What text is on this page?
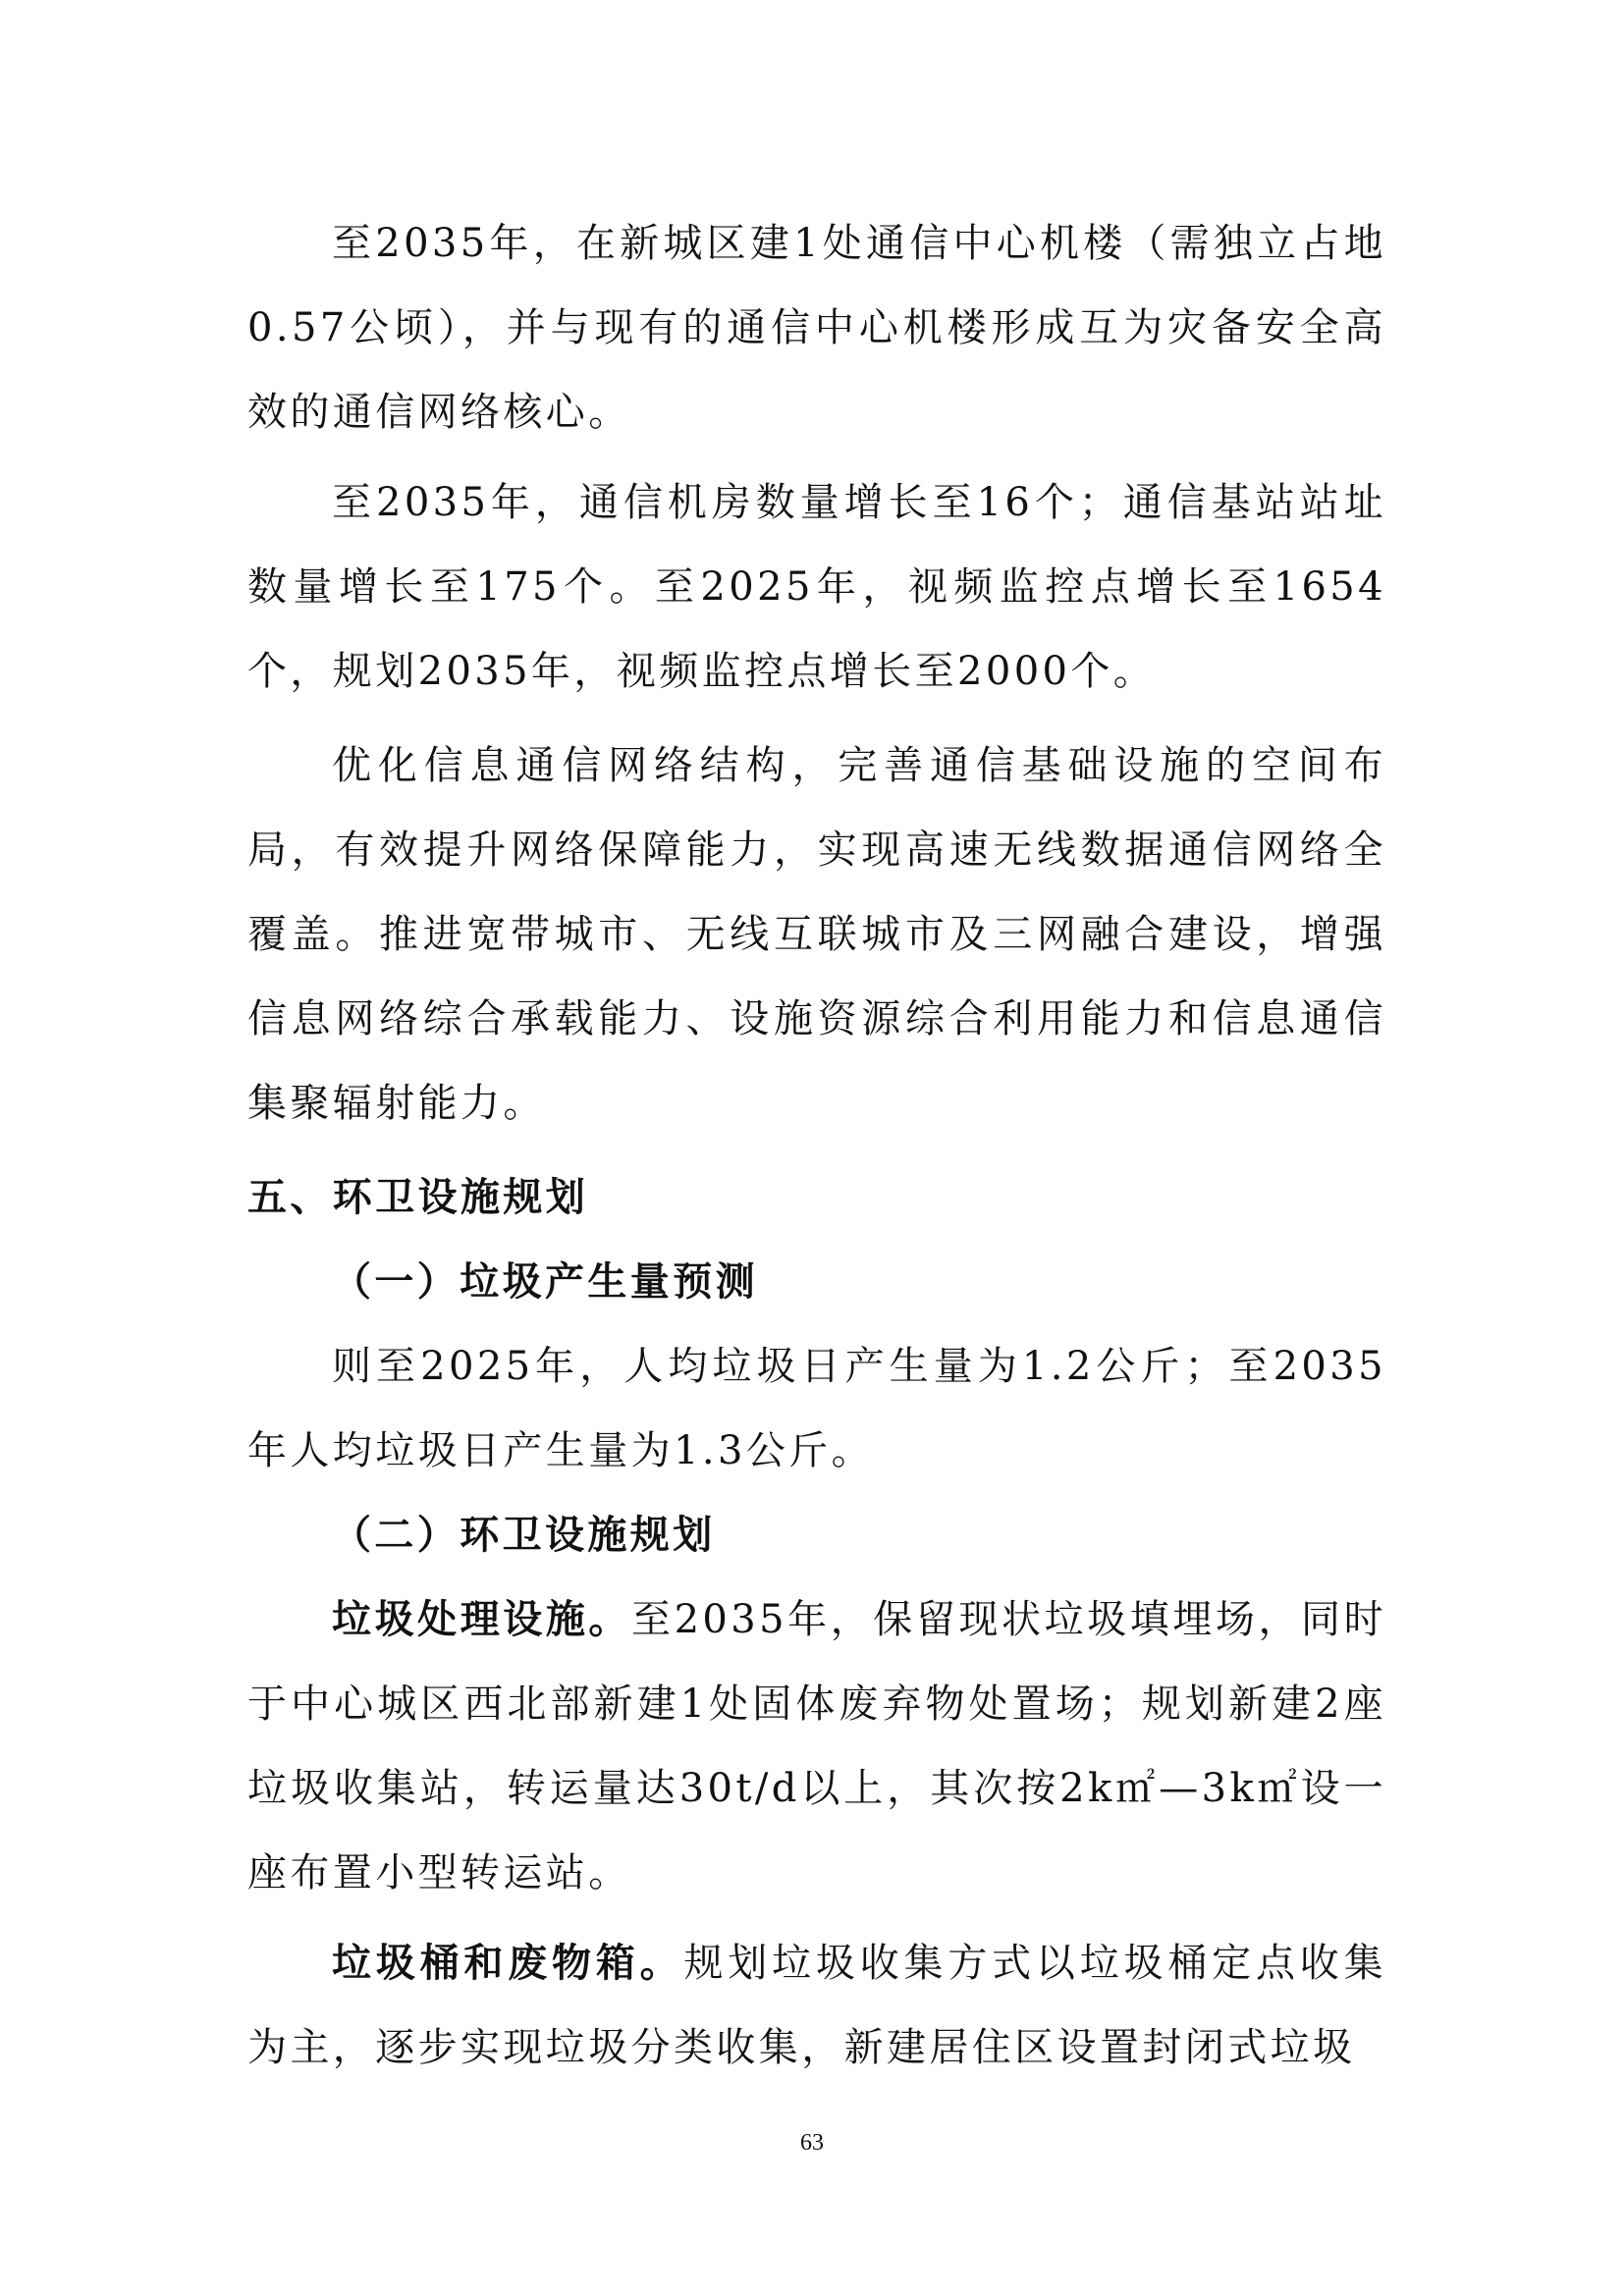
至2035年，在新城区建1处通信中心机楼（需独立占地0.57公顷），并与现有的通信中心机楼形成互为灾备安全高效的通信网络核心。

至2035年，通信机房数量增长至16个；通信基站站址数量增长至175个。至2025年，视频监控点增长至1654个，规划2035年，视频监控点增长至2000个。

优化信息通信网络结构，完善通信基础设施的空间布局，有效提升网络保障能力，实现高速无线数据通信网络全覆盖。推进宽带城市、无线互联城市及三网融合建设，增强信息网络综合承载能力、设施资源综合利用能力和信息通信集聚辐射能力。

五、环卫设施规划
（一）垃圾产生量预测

则至2025年，人均垃圾日产生量为1.2公斤；至2035年人均垃圾日产生量为1.3公斤。

（二）环卫设施规划

垃圾处理设施。至2035年，保留现状垃圾填埋场，同时于中心城区西北部新建1处固体废弃物处置场；规划新建2座垃圾收集站，转运量达30t/d以上，其次按2k㎡—3k㎡设一座布置小型转运站。

垃圾桶和废物箱。规划垃圾收集方式以垃圾桶定点收集为主，逐步实现垃圾分类收集，新建居住区设置封闭式垃圾

63
